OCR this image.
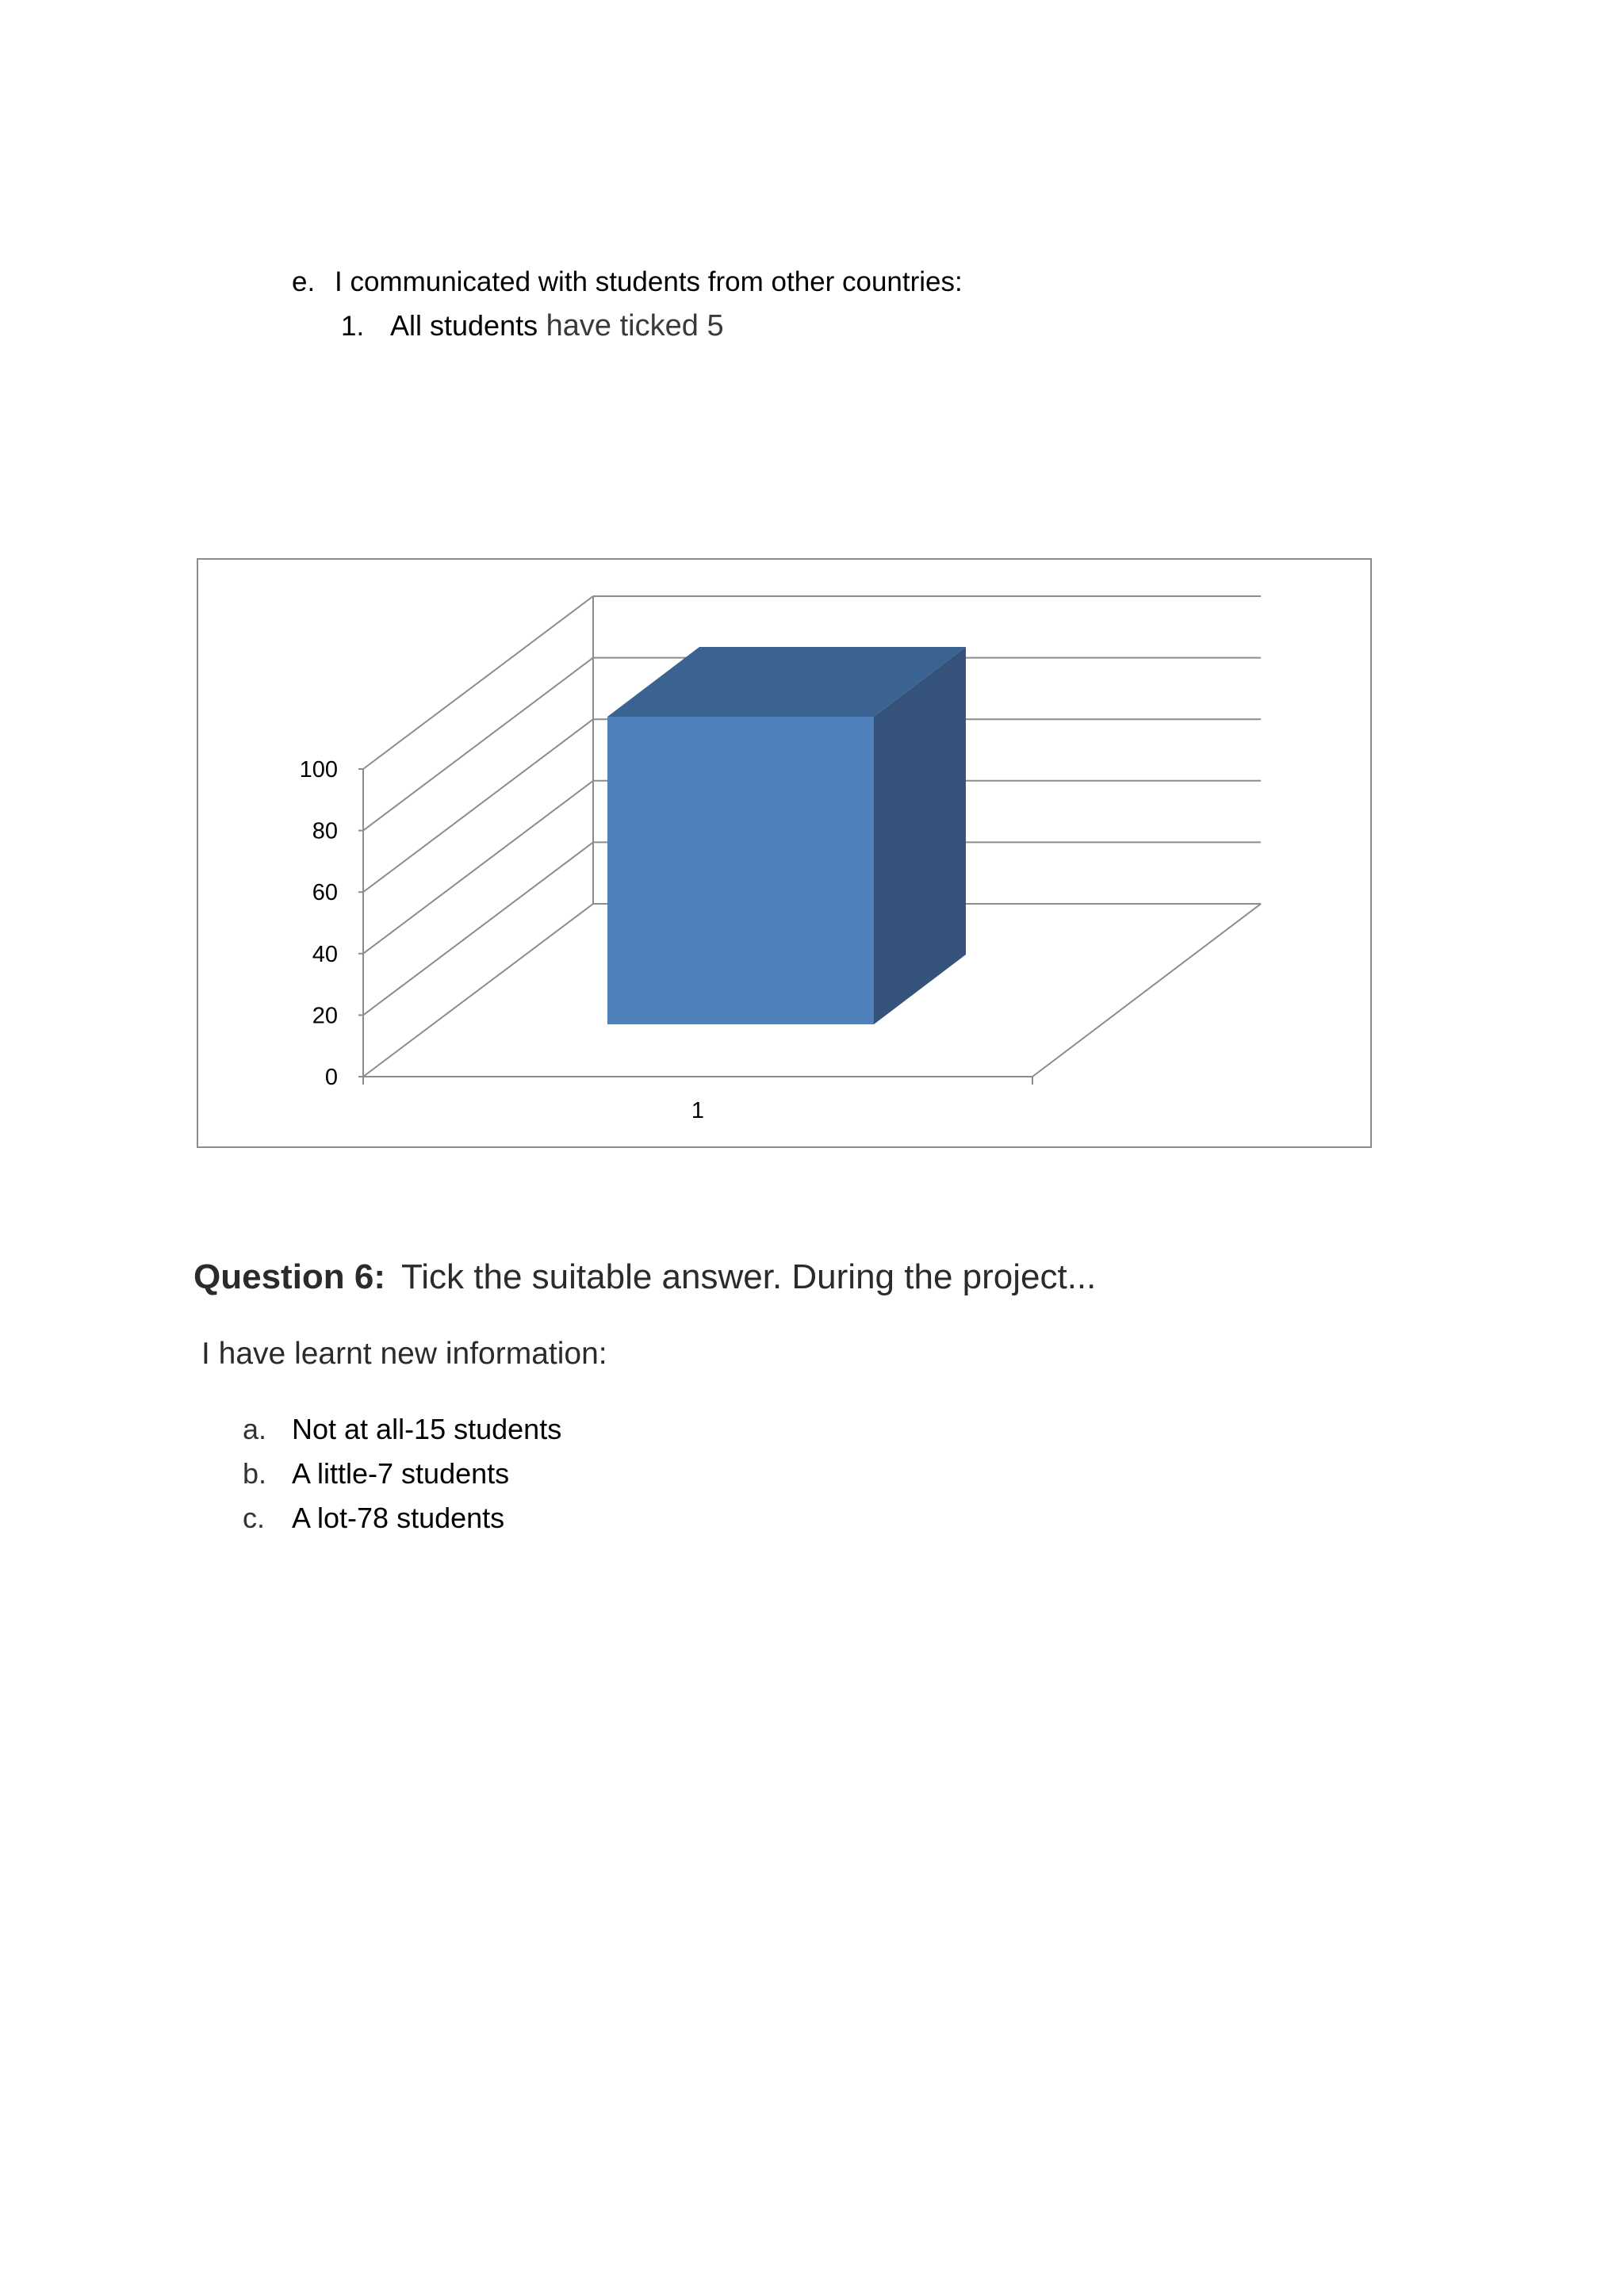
e. I communicated with students from other countries:
1. All students have ticked 5
0
20
40
60
80
100
1
Question 6: Tick the suitable answer. During the project...
I have learnt new information:
a. Not at all-15 students
b. A little-7 students
c. A lot-78 students
